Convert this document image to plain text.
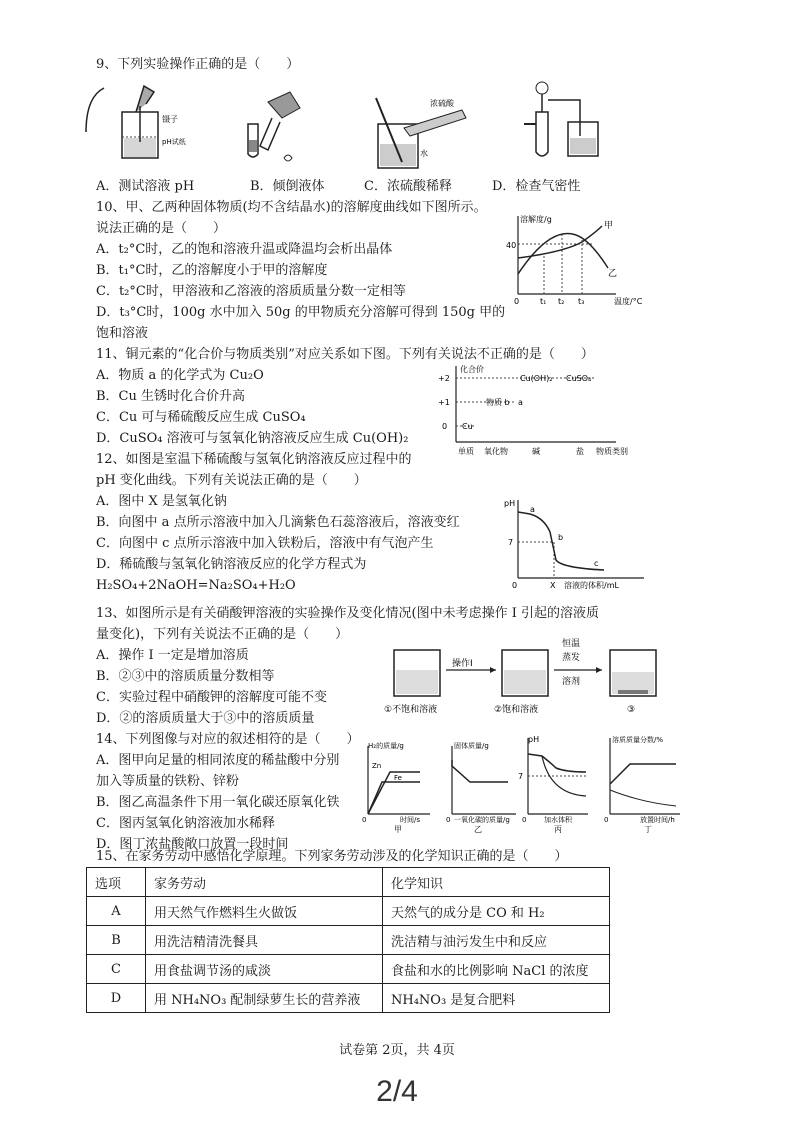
9、下列实验操作正确的是（　　）
镊子
pH试纸
浓硫酸
水
A．测试溶液 pH	B．倾倒液体	C．浓硫酸稀释	D．检查气密性
10、甲、乙两种固体物质(均不含结晶水)的溶解度曲线如下图所示。
说法正确的是（　　）
A．t₂°C时，乙的饱和溶液升温或降温均会析出晶体
B．t₁°C时，乙的溶解度小于甲的溶解度
C．t₂°C时，甲溶液和乙溶液的溶质质量分数一定相等
D．t₃°C时，100g 水中加入 50g 的甲物质充分溶解可得到 150g 甲的
饱和溶液
溶解度/g
40
0	t₁ t₂ t₃	温度/°C
甲
乙
11、铜元素的“化合价与物质类别”对应关系如下图。下列有关说法不正确的是（　　）
A．物质 a 的化学式为 Cu₂O
B．Cu 生锈时化合价升高
C．Cu 可与稀硫酸反应生成 CuSO₄
D．CuSO₄ 溶液可与氢氧化钠溶液反应生成 Cu(OH)₂
化合价
+2
+1
0
Cu(OH)₂ CuSO₄
物质 b a
Cu
单质 氧化物	碱	盐 物质类别
12、如图是室温下稀硫酸与氢氧化钠溶液反应过程中的
pH 变化曲线。下列有关说法正确的是（　　）
A．图中 X 是氢氧化钠
B．向图中 a 点所示溶液中加入几滴紫色石蕊溶液后，溶液变红
C．向图中 c 点所示溶液中加入铁粉后，溶液中有气泡产生
D．稀硫酸与氢氧化钠溶液反应的化学方程式为
H₂SO₄+2NaOH=Na₂SO₄+H₂O
pH
7
0
a
b
c
X 溶液的体积/mL
13、如图所示是有关硝酸钾溶液的实验操作及变化情况(图中未考虑操作 I 引起的溶液质
量变化)，下列有关说法不正确的是（　　）
A．操作 I 一定是增加溶质
B．②③中的溶质质量分数相等
C．实验过程中硝酸钾的溶解度可能不变
D．②的溶质质量大于③中的溶质质量
操作I
恒温
蒸发
溶剂
①不饱和溶液	②饱和溶液	③
14、下列图像与对应的叙述相符的是（　　）
A．图甲向足量的相同浓度的稀盐酸中分别
加入等质量的铁粉、锌粉
B．图乙高温条件下用一氧化碳还原氧化铁
C．图丙氢氧化钠溶液加水稀释
D．图丁浓盐酸敞口放置一段时间
H₂的质量/g
Zn
Fe
0	时间/s
甲
固体质量/g
0 一氧化碳的质量/g
乙
pH
7
0	加水体积
丙
溶质质量分数/%
0	放置时间/h
丁
15、在家务劳动中感悟化学原理。下列家务劳动涉及的化学知识正确的是（　　）
选项	家务劳动	化学知识
A	用天然气作燃料生火做饭	天然气的成分是 CO 和 H₂
B	用洗洁精清洗餐具	洗洁精与油污发生中和反应
C	用食盐调节汤的咸淡	食盐和水的比例影响 NaCl 的浓度
D	用 NH₄NO₃ 配制绿萝生长的营养液	NH₄NO₃ 是复合肥料
试卷第 2页，共 4页
2/4
